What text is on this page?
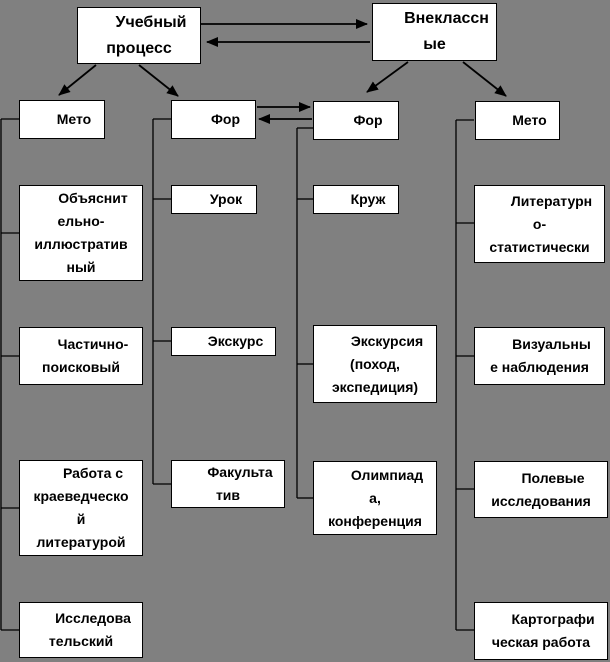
Учебный
процесс
Внеклассн
ые
Мето	Фор	Фор	Мето
Объяснит
ельно-
иллюстратив
ный
Частично-
поисковый
Работа с
краеведческо
й
литературой
Исследова
тельский
Урок
Экскурс
Факульта
тив
Круж
Экскурсия
(поход,
экспедиция)
Олимпиад
а,
конференция
Литературн
о-
статистически
Визуальны
е наблюдения
Полевые
исследования
Картографи
ческая работа
